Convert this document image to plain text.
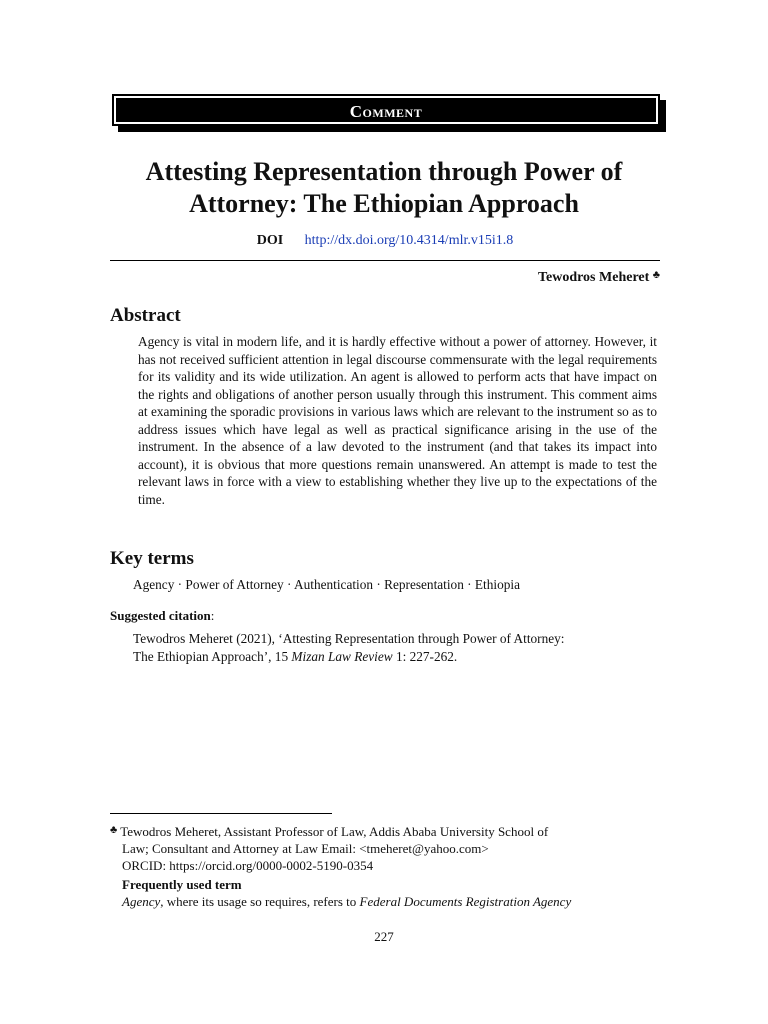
Comment
Attesting Representation through Power of
Attorney: The Ethiopian Approach
DOI http://dx.doi.org/10.4314/mlr.v15i1.8
Tewodros Meheret ♣
Abstract
Agency is vital in modern life, and it is hardly effective without a power of attorney. However, it has not received sufficient attention in legal discourse commensurate with the legal requirements for its validity and its wide utilization. An agent is allowed to perform acts that have impact on the rights and obligations of another person usually through this instrument. This comment aims at examining the sporadic provisions in various laws which are relevant to the instrument so as to address issues which have legal as well as practical significance arising in the use of the instrument. In the absence of a law devoted to the instrument (and that takes its impact into account), it is obvious that more questions remain unanswered. An attempt is made to test the relevant laws in force with a view to establishing whether they live up to the expectations of the time.
Key terms
Agency · Power of Attorney · Authentication · Representation · Ethiopia
Suggested citation:
Tewodros Meheret (2021), ‘Attesting Representation through Power of Attorney:
The Ethiopian Approach’, 15 Mizan Law Review 1: 227-262.
♣ Tewodros Meheret, Assistant Professor of Law, Addis Ababa University School of
Law; Consultant and Attorney at Law Email: <tmeheret@yahoo.com>
ORCID: https://orcid.org/0000-0002-5190-0354
Frequently used term
Agency, where its usage so requires, refers to Federal Documents Registration Agency
227
